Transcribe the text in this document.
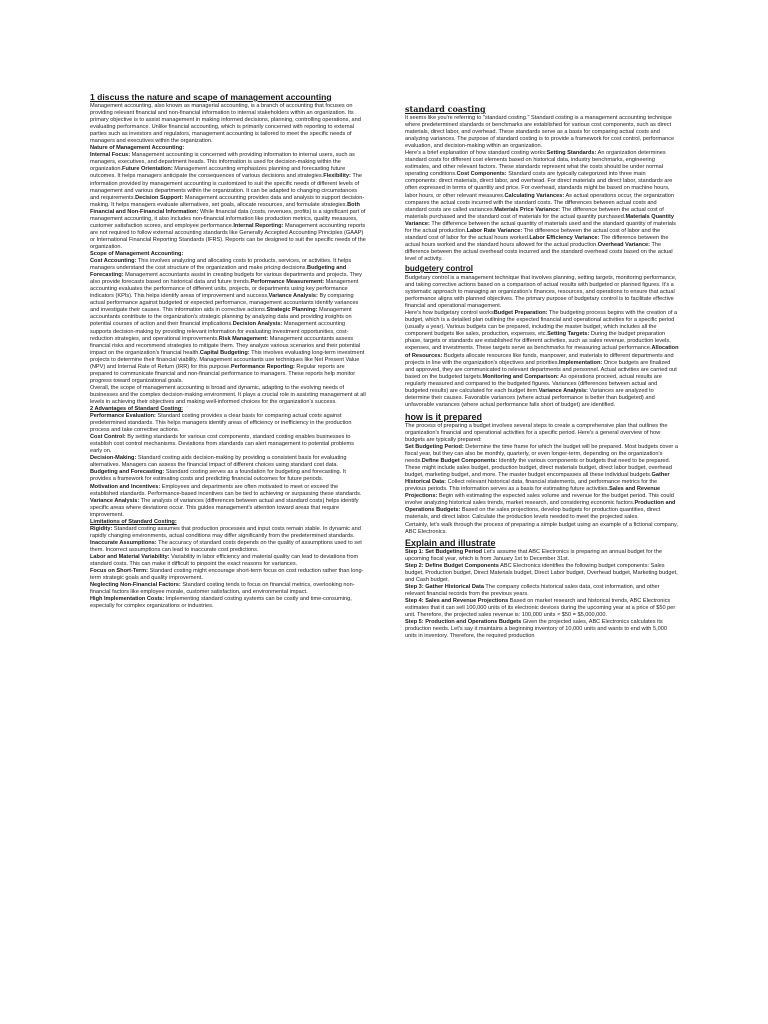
1 discuss the nature and scape of management accounting

Management accounting, also known as managerial accounting, is a branch of accounting that focuses on providing relevant financial and non-financial information to internal stakeholders within an organization. Its primary objective is to assist management in making informed decisions, planning, controlling operations, and evaluating performance. Unlike financial accounting, which is primarily concerned with reporting to external parties such as investors and regulators, management accounting is tailored to meet the specific needs of managers and executives within the organization.

Nature of Management Accounting:

Internal Focus: Management accounting is concerned with providing information to internal users, such as managers, executives, and department heads. This information is used for decision-making within the organization.Future Orientation: Management accounting emphasizes planning and forecasting future outcomes. It helps managers anticipate the consequences of various decisions and strategies.Flexibility: The information provided by management accounting is customized to suit the specific needs of different levels of management and various departments within the organization. It can be adapted to changing circumstances and requirements.Decision Support: Management accounting provides data and analysis to support decision-making. It helps managers evaluate alternatives, set goals, allocate resources, and formulate strategies.Both Financial and Non-Financial Information: While financial data (costs, revenues, profits) is a significant part of management accounting, it also includes non-financial information like production metrics, quality measures, customer satisfaction scores, and employee performance.Internal Reporting: Management accounting reports are not required to follow external accounting standards like Generally Accepted Accounting Principles (GAAP) or International Financial Reporting Standards (IFRS). Reports can be designed to suit the specific needs of the organization.

Scope of Management Accounting:

Cost Accounting: This involves analyzing and allocating costs to products, services, or activities. It helps managers understand the cost structure of the organization and make pricing decisions.Budgeting and Forecasting: Management accountants assist in creating budgets for various departments and projects. They also provide forecasts based on historical data and future trends.Performance Measurement: Management accounting evaluates the performance of different units, projects, or departments using key performance indicators (KPIs). This helps identify areas of improvement and success.Variance Analysis: By comparing actual performance against budgeted or expected performance, management accountants identify variances and investigate their causes. This information aids in corrective actions.Strategic Planning: Management accountants contribute to the organization's strategic planning by analyzing data and providing insights on potential courses of action and their financial implications.Decision Analysis: Management accounting supports decision-making by providing relevant information for evaluating investment opportunities, cost-reduction strategies, and operational improvements.Risk Management: Management accountants assess financial risks and recommend strategies to mitigate them. They analyze various scenarios and their potential impact on the organization's financial health.Capital Budgeting: This involves evaluating long-term investment projects to determine their financial viability. Management accountants use techniques like Net Present Value (NPV) and Internal Rate of Return (IRR) for this purpose.Performance Reporting: Regular reports are prepared to communicate financial and non-financial performance to managers. These reports help monitor progress toward organizational goals.

Overall, the scope of management accounting is broad and dynamic, adapting to the evolving needs of businesses and the complex decision-making environment. It plays a crucial role in assisting management at all levels in achieving their objectives and making well-informed choices for the organization's success.

2 Advantages of Standard Costing:

Performance Evaluation: Standard costing provides a clear basis for comparing actual costs against predetermined standards. This helps managers identify areas of efficiency or inefficiency in the production process and take corrective actions.

Cost Control: By setting standards for various cost components, standard costing enables businesses to establish cost control mechanisms. Deviations from standards can alert management to potential problems early on.

Decision-Making: Standard costing aids decision-making by providing a consistent basis for evaluating alternatives. Managers can assess the financial impact of different choices using standard cost data.

Budgeting and Forecasting: Standard costing serves as a foundation for budgeting and forecasting. It provides a framework for estimating costs and predicting financial outcomes for future periods.

Motivation and Incentives: Employees and departments are often motivated to meet or exceed the established standards. Performance-based incentives can be tied to achieving or surpassing these standards.

Variance Analysis: The analysis of variances (differences between actual and standard costs) helps identify specific areas where deviations occur. This guides management's attention toward areas that require improvement.

Limitations of Standard Costing:

Rigidity: Standard costing assumes that production processes and input costs remain stable. In dynamic and rapidly changing environments, actual conditions may differ significantly from the predetermined standards.

Inaccurate Assumptions: The accuracy of standard costs depends on the quality of assumptions used to set them. Incorrect assumptions can lead to inaccurate cost predictions.

Labor and Material Variability: Variability in labor efficiency and material quality can lead to deviations from standard costs. This can make it difficult to pinpoint the exact reasons for variances.

Focus on Short-Term: Standard costing might encourage short-term focus on cost reduction rather than long-term strategic goals and quality improvement.

Neglecting Non-Financial Factors: Standard costing tends to focus on financial metrics, overlooking non-financial factors like employee morale, customer satisfaction, and environmental impact.

High Implementation Costs: Implementing standard costing systems can be costly and time-consuming, especially for complex organizations or industries.

standard coasting

It seems like you're referring to "standard costing." Standard costing is a management accounting technique where predetermined standards or benchmarks are established for various cost components, such as direct materials, direct labor, and overhead. These standards serve as a basis for comparing actual costs and analyzing variances. The purpose of standard costing is to provide a framework for cost control, performance evaluation, and decision-making within an organization.

Here's a brief explanation of how standard costing works:Setting Standards: An organization determines standard costs for different cost elements based on historical data, industry benchmarks, engineering estimates, and other relevant factors. These standards represent what the costs should be under normal operating conditions.Cost Components: Standard costs are typically categorized into three main components: direct materials, direct labor, and overhead. For direct materials and direct labor, standards are often expressed in terms of quantity and price. For overhead, standards might be based on machine hours, labor hours, or other relevant measures.Calculating Variances: As actual operations occur, the organization compares the actual costs incurred with the standard costs. The differences between actual costs and standard costs are called variances.Materials Price Variance: The difference between the actual cost of materials purchased and the standard cost of materials for the actual quantity purchased.Materials Quantity Variance: The difference between the actual quantity of materials used and the standard quantity of materials for the actual production.Labor Rate Variance: The difference between the actual cost of labor and the standard cost of labor for the actual hours worked.Labor Efficiency Variance: The difference between the actual hours worked and the standard hours allowed for the actual production.Overhead Variance: The difference between the actual overhead costs incurred and the standard overhead costs based on the actual level of activity.

budgetery control

Budgetary control is a management technique that involves planning, setting targets, monitoring performance, and taking corrective actions based on a comparison of actual results with budgeted or planned figures. It's a systematic approach to managing an organization's finances, resources, and operations to ensure that actual performance aligns with planned objectives. The primary purpose of budgetary control is to facilitate effective financial and operational management.

Here's how budgetary control worksBudget Preparation: The budgeting process begins with the creation of a budget, which is a detailed plan outlining the expected financial and operational activities for a specific period (usually a year). Various budgets can be prepared, including the master budget, which includes all the component budgets like sales, production, expenses, etc.Setting Targets: During the budget preparation phase, targets or standards are established for different activities, such as sales revenue, production levels, expenses, and investments. These targets serve as benchmarks for measuring actual performance.Allocation of Resources: Budgets allocate resources like funds, manpower, and materials to different departments and projects in line with the organization's objectives and priorities.Implementation: Once budgets are finalized and approved, they are communicated to relevant departments and personnel. Actual activities are carried out based on the budgeted targets.Monitoring and Comparison: As operations proceed, actual results are regularly measured and compared to the budgeted figures. Variances (differences between actual and budgeted results) are calculated for each budget item.Variance Analysis: Variances are analyzed to determine their causes. Favorable variances (where actual performance is better than budgeted) and unfavorable variances (where actual performance falls short of budget) are identified.

how is it prepared

The process of preparing a budget involves several steps to create a comprehensive plan that outlines the organization's financial and operational activities for a specific period. Here's a general overview of how budgets are typically prepared:

Set Budgeting Period: Determine the time frame for which the budget will be prepared. Most budgets cover a fiscal year, but they can also be monthly, quarterly, or even longer-term, depending on the organization's needs.Define Budget Components: Identify the various components or budgets that need to be prepared. These might include sales budget, production budget, direct materials budget, direct labor budget, overhead budget, marketing budget, and more. The master budget encompasses all these individual budgets.Gather Historical Data: Collect relevant historical data, financial statements, and performance metrics for the previous periods. This information serves as a basis for estimating future activities.Sales and Revenue Projections: Begin with estimating the expected sales volume and revenue for the budget period. This could involve analyzing historical sales trends, market research, and considering economic factors.Production and Operations Budgets: Based on the sales projections, develop budgets for production quantities, direct materials, and direct labor. Calculate the production levels needed to meet the projected sales.

Certainly, let's walk through the process of preparing a simple budget using an example of a fictional company, ABC Electronics.

Explain and illustrate

Step 1: Set Budgeting Period Let's assume that ABC Electronics is preparing an annual budget for the upcoming fiscal year, which is from January 1st to December 31st.

Step 2: Define Budget Components ABC Electronics identifies the following budget components: Sales budget, Production budget, Direct Materials budget, Direct Labor budget, Overhead budget, Marketing budget, and Cash budget.

Step 3: Gather Historical Data The company collects historical sales data, cost information, and other relevant financial records from the previous years.

Step 4: Sales and Revenue Projections Based on market research and historical trends, ABC Electronics estimates that it can sell 100,000 units of its electronic devices during the upcoming year at a price of $50 per unit. Therefore, the projected sales revenue is: 100,000 units × $50 = $5,000,000.

Step 5: Production and Operations Budgets Given the projected sales, ABC Electronics calculates its production needs. Let's say it maintains a beginning inventory of 10,000 units and wants to end with 5,000 units in inventory. Therefore, the required production
